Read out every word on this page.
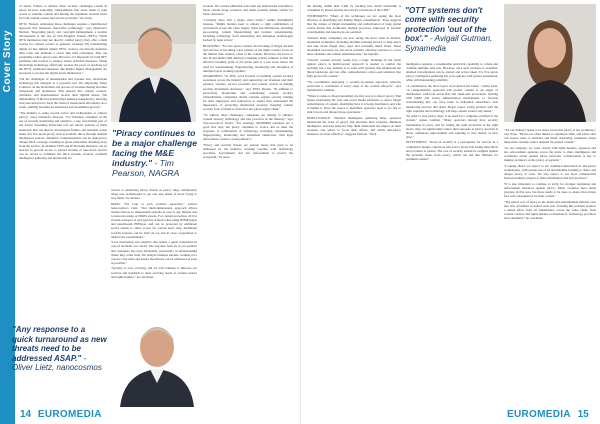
Cover Story

of attack. Failure to address these security challenges results in pirate services exploiting vulnerabilities that allow them to gain access to valuable content and hurting the legitimate revenue bases for both content owners and service providers," he warns.

NFTs: "Indeed, addressing these challenges requires a multifaceted approach that harnesses innovative technology," says Intertrust's Nielsen. "Regarding piracy and copyright infringement, a notable development is the rise of Non-Fungible Tokens (NFTs). While NFTs themselves may not directly combat piracy, they offer a fresh avenue for content owners to generate revenues. By transforming digital art into limited edition NFTs, creators can directly monetise their work and maintain a closer link with consumers. This can potentially reduce piracy rates. However, it's important for both NFT platforms and creators to employ robust technical measures. While blockchain technology effectively secures the proof of purchase (of the NFT), additional measures like Digital Rights Management are necessary to protect the digital assets themselves."

"On the challenges of monetization and revenue loss, blockchain technology has emerged as a powerful tool. By employing Smart Contracts on the blockchain, the process of revenue sharing becomes transparent and automated. This ensures that content creators, platforms, and intermediaries receive their rightful shares. The immutability of the blockchain helps enhance transparency, allowing everyone involved to track the chain of transactions effortlessly. As a result, auditing becomes an automated and streamlined process."

"The industry is using several tactics and technologies to address piracy," notes NAGRA's Pearson. "For NAGRA, examples of the use of security monitoring and analytics, a key overarching part of our Active Streaming Protection tool set, shows patterns of illicit behaviour that can then be investigated further, and remedial action taken. For live sports piracy, such as football, this is through detailed intelligence sources, disruptive countermeasures can be deployed to disrupt illicit coverage, resulting in pirate subscribers churning away from the service. In addition, DNS and IP blocking measures can be enacted to prevent access to pirated streams or take-down notices can be served to terminate the illicit streams. Overall, continual intelligence gathering and monitoring are

"Piracy continues to be a major challenge facing the M&E industry." - Tim Pearson, NAGRA

crucial to addressing piracy threats as piracy rings continuously adopt new technologies to get one step ahead of those trying to stop them," he advises.

DDOS: "We look at each scenario separately," advises nanocosmos's Lietz. "Our multi-dimensional approach allows instant failover to independent systems in case of any failures due to network outage or DDOS attacks. For content protection, all live streams transport is encrypted by default when using RTMP ingest and nanoStream H5Player, and can be protected by additional secure tokens to allow access for certain users only. Additional security features can be built on top and in close cooperation to address the requirements."

"Live monitoring and analytics that enable a quick turnaround in case of incidents are crucial. The response from all of our partners and customers has been invaluable, particularly in understanding where they come from. We analyse business models, working on a case-by-case basis and ensure that threats can be addressed as soon as possible."

"Security is ever evolving, and we will continue to improve our services and standards to meet evolving needs of content owners and rights holders," he concludes.

revenue. We created additional tools with our nanoStream Guardian to block certain usage scenarios and make possible misuse visible for better detection."

"Currently there isn't a single silver bullet," admits Streamhub's Gkanou. "Rights holders need to employ a right combination of preventions across the video supply chain and distribution, including geo-locking, content fingerprinting and forensic watermarking, including technology from monitoring and disruption technologies backed by legal action."

BLOCKING: "For live sports content, the blocking of illegal streams and services is becoming a key priority of the rights owners' focus on the limited time window value of the content. However, the move to live IP and multi-CDN delivery is making it more complex to find the effective breaking point of the pirate path at a low level, hence the need for watermarking, fingerprinting, monitoring and disruption at multiple layers working together."

AWARENESS: "At TPN, we're focused on building content security awareness across the industry and supporting our licensees and their partners, vendors, service providers and content owners in making security investment decisions," says TPN's Devine. "In addition to proactively monitoring and remediating content security vulnerabilities, companies should consider regular security training for their employees and contractors to ensure they understand the importance of protecting intellectual property. Keeping content security front of mind is critical for the whole supply chain."

"To address these challenges, companies are turning to enhance content security technology and best practices in the industry," says Viaccess-Orca's Devin. "For example, MultiDRM solutions are a good first step, but piracy continues to evolve and so must the response. A combination of technology, including watermarking, fingerprinting, monitoring and automated takedowns, with legal enforcement creates a strong defence."

"Piracy and security threats are serious issues that need to be addressed by the industry, working together with technology providers, governments and law enforcement to protect the ecosystem," he notes.

"Any response to a quick turnaround as new threats need to be addressed ASAP." - Oliver Lietz, nanocosmos
14 EUROMEDIA

the lurking within their CDN by tracking how much bandwidth is consumed by pirates and the end service provisions of the CDN."

TECHNIQUES: "Many of the techniques we are seeing the most effective at identifying and halting illegal consumption," Pope suggests that the culture of illegal restreaming and redistribution of large global events means that traditional, manual processes employed in forensic watermarking and takedowns are outdated.

"Instead, many companies are now seeing the most value in modern, automated techniques, including machine learning and AI, to help detect and take down illegal sites, apps and restreams much faster. These automated processes are also more scalable, allowing operators to cover more channels and content simultaneously," he explains.

"Overall, content security teams face a huge challenge in the battle against piracy. A multi-layered approach is needed to combat the problem, but a key element is to work with partners that understand the threat landscape and can offer comprehensive, end-to-end solutions that fully protect the content."

"We recommend deploying a security-by-design approach, whereby protection is considered at every stage of the content lifecycle," says Synamedia's Gutman.

"When it comes to illegal streaming, the first step is to detect piracy. That means monitoring the web and social media platforms to detect illegal redistribution of content, identifying how it is being distributed, and who is behind it. Once the source is identified, operators need to act fast to shut it down and disrupt pirate operations."

INTELLIGENCE: "Detailed intelligence gathering helps operators understand the scale of piracy and prioritise their response. Business intelligence and data analytics help them understand the impact on their revenues and where to focus their efforts, and which anti-piracy measures are most effective," suggests Pearson. "Such

intelligence requires a considerable analytical capability to collate and combine multiple data sets. However, once such evidence is available, detailed investigations can be started and action taken. For live sports piracy, intelligence gathering has to be quicker with greater automation, while still maintaining reliability.

"A combination, the more layers of protection the better," claims Lietz. "A comprehensive approach will protect content at all stages of distribution, with both server-side and client-side protections. Starting with DRM and strong authentication mechanisms, to forensic watermarking that can trace leaks to individual subscribers, plus monitoring services that detect illegal copies. Using partners with the right expertise and technology will help content owners stay ahead."

"In order to stop piracy, there is no need for a complete overhaul of the system," argues Gutman. "Many operators already have security foundations in place, and by adding the right protection at the right layers, they can significantly reduce their exposure to piracy. Security is about continuous improvement and adapting to new threats as they arise."

INVESTMENT: "Invest in security is a prerequisite for success in a competitive market. Operators who fail to invest risk losing subscribers and revenues to pirates. The cost of security should be weighed against the potential losses from piracy, which can run into millions for premium content."

"OTT systems don't come with security protection 'out of the box'." - Avigail Gutman, Synamedia

"All our industry needs to be more aware that piracy is not victimless," says Pope. "Pirates are often linked to organised crime, and pirate sites can expose users to malware and fraud. Educating consumers about these risks can help reduce demand for pirated content."

"At our company, we work closely with rights holders, operators and law enforcement agencies across the globe to share intelligence and coordinate action against pirate networks. Collaboration is key to making an impact on the piracy ecosystem."

"Looking ahead, we expect to see continued innovation in anti-piracy technologies, with greater use of AI and machine learning to detect and disrupt piracy at scale. We also expect to see more collaboration between industry players to share information and best practices."

"It is also important to continue to lobby for stronger legislation and enforcement measures against piracy. Many countries have made progress in this area, but more needs to be done to ensure that pirates face real consequences for their actions."

"The global cost of piracy to the media and entertainment industry runs into tens of billions of dollars each year. Tackling this problem requires a united effort from all stakeholders across the value chain, from content creators and rights holders to distributors, technology providers and consumers," he concludes.

EUROMEDIA 15
